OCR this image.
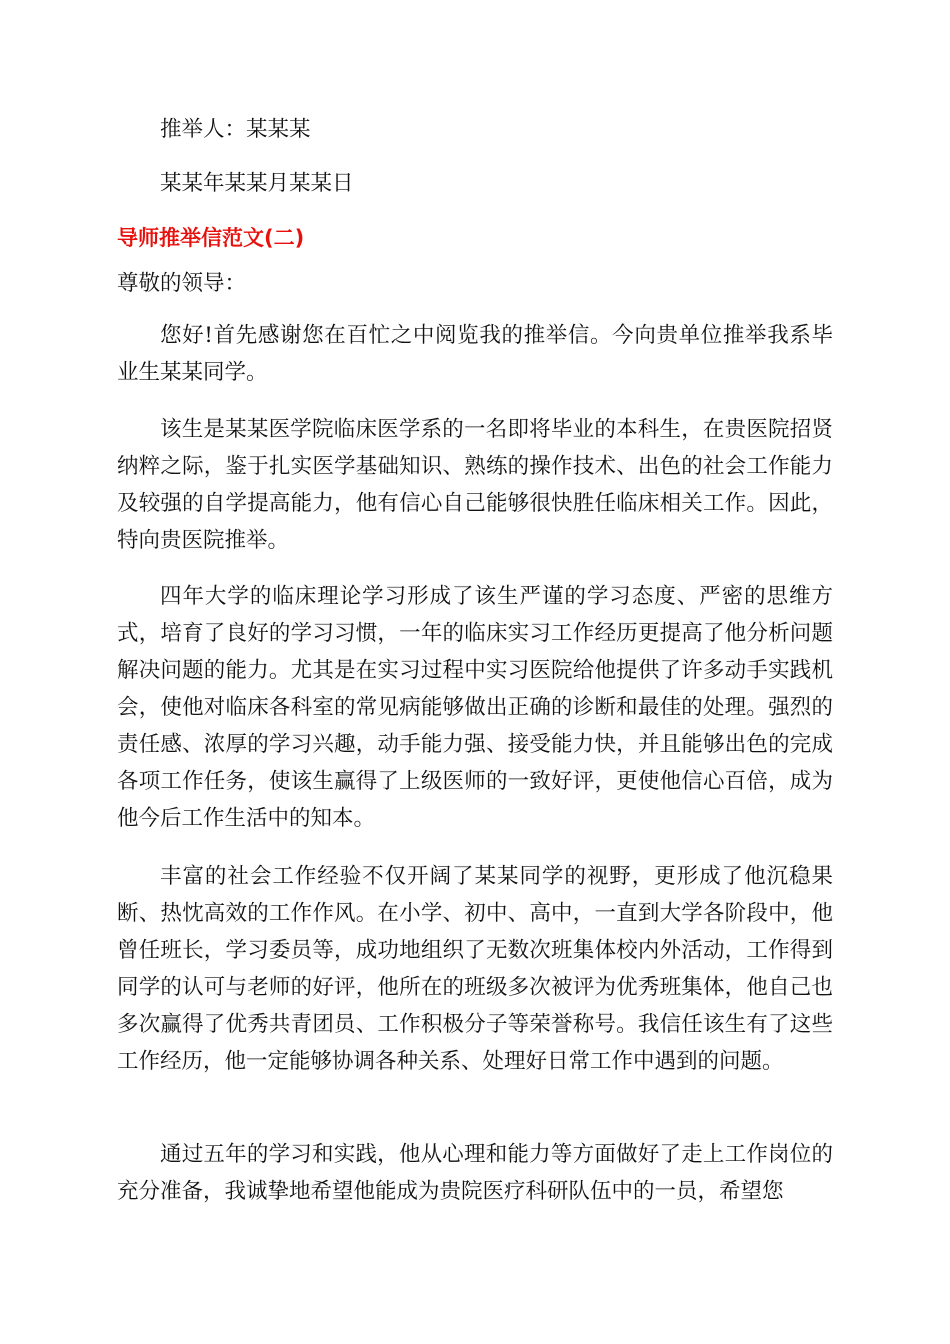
推举人：某某某
某某年某某月某某日
导师推举信范文(二)
尊敬的领导：

您好!首先感谢您在百忙之中阅览我的推举信。今向贵单位推举我系毕业生某某同学。

该生是某某医学院临床医学系的一名即将毕业的本科生，在贵医院招贤纳粹之际，鉴于扎实医学基础知识、熟练的操作技术、出色的社会工作能力及较强的自学提高能力，他有信心自己能够很快胜任临床相关工作。因此，特向贵医院推举。

四年大学的临床理论学习形成了该生严谨的学习态度、严密的思维方式，培育了良好的学习习惯，一年的临床实习工作经历更提高了他分析问题解决问题的能力。尤其是在实习过程中实习医院给他提供了许多动手实践机会，使他对临床各科室的常见病能够做出正确的诊断和最佳的处理。强烈的责任感、浓厚的学习兴趣，动手能力强、接受能力快，并且能够出色的完成各项工作任务，使该生赢得了上级医师的一致好评，更使他信心百倍，成为他今后工作生活中的知本。

丰富的社会工作经验不仅开阔了某某同学的视野，更形成了他沉稳果断、热忱高效的工作作风。在小学、初中、高中，一直到大学各阶段中，他曾任班长，学习委员等，成功地组织了无数次班集体校内外活动，工作得到同学的认可与老师的好评，他所在的班级多次被评为优秀班集体，他自己也多次赢得了优秀共青团员、工作积极分子等荣誉称号。我信任该生有了这些工作经历，他一定能够协调各种关系、处理好日常工作中遇到的问题。

通过五年的学习和实践，他从心理和能力等方面做好了走上工作岗位的充分准备，我诚挚地希望他能成为贵院医疗科研队伍中的一员，希望您
